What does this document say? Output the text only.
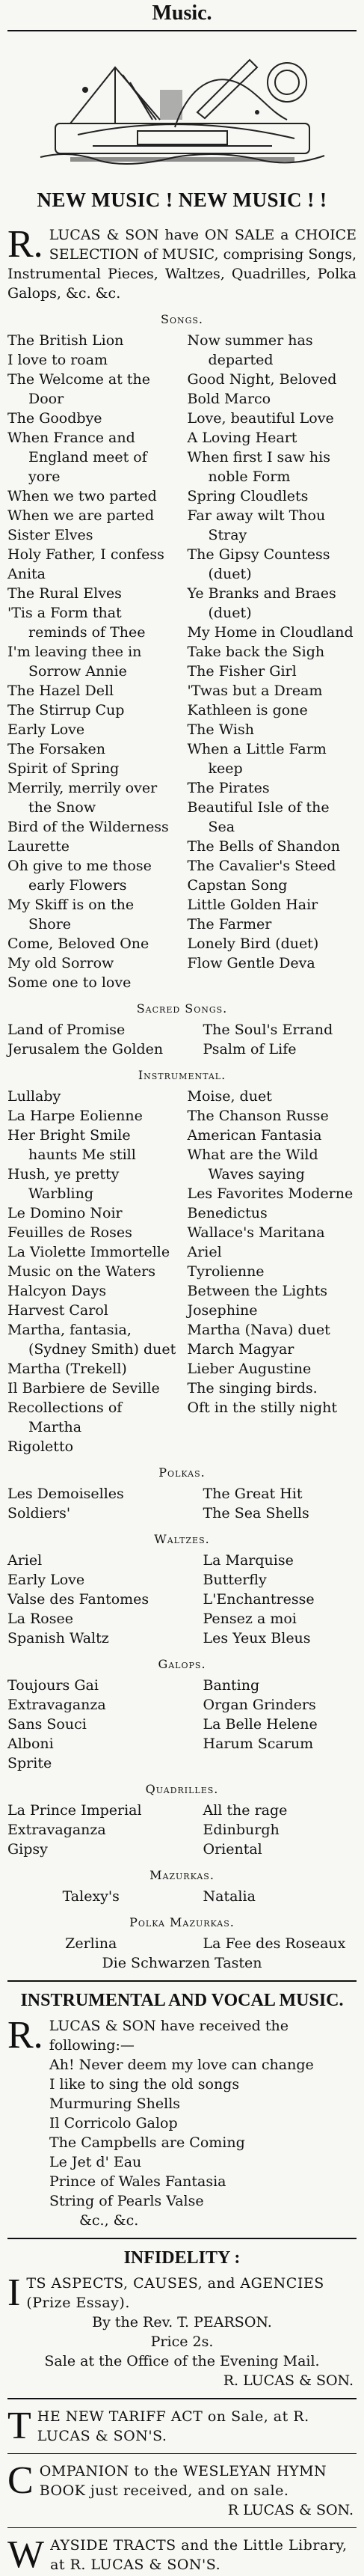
Music.
NEW MUSIC ! NEW MUSIC ! !

R. LUCAS & SON have ON SALE a CHOICE SELECTION of MUSIC, comprising Songs, Instrumental Pieces, Waltzes, Quadrilles, Polka Galops, &c. &c.

Songs.

The British Lion

I love to roam

The Welcome at the Door

The Goodbye

When France and England meet of yore

When we two parted

When we are parted

Sister Elves

Holy Father, I confess

Anita

The Rural Elves

'Tis a Form that reminds of Thee

I'm leaving thee in Sorrow Annie

The Hazel Dell

The Stirrup Cup

Early Love

The Forsaken

Spirit of Spring

Merrily, merrily over the Snow

Bird of the Wilderness

Laurette

Oh give to me those early Flowers

My Skiff is on the Shore

Come, Beloved One

My old Sorrow

Some one to love

Now summer has departed

Good Night, Beloved

Bold Marco

Love, beautiful Love

A Loving Heart

When first I saw his noble Form

Spring Cloudlets

Far away wilt Thou Stray

The Gipsy Countess (duet)

Ye Branks and Braes (duet)

My Home in Cloudland

Take back the Sigh

The Fisher Girl

'Twas but a Dream

Kathleen is gone

The Wish

When a Little Farm keep

The Pirates

Beautiful Isle of the Sea

The Bells of Shandon

The Cavalier's Steed

Capstan Song

Little Golden Hair

The Farmer

Lonely Bird (duet)

Flow Gentle Deva

Sacred Songs.

Land of Promise

Jerusalem the Golden

The Soul's Errand

Psalm of Life

Instrumental.

Lullaby

La Harpe Eolienne

Her Bright Smile haunts Me still

Hush, ye pretty Warbling

Le Domino Noir

Feuilles de Roses

La Violette Immortelle

Music on the Waters

Halcyon Days

Harvest Carol

Martha, fantasia, (Sydney Smith) duet

Martha (Trekell)

Il Barbiere de Seville

Recollections of Martha

Rigoletto

Moise, duet

The Chanson Russe

American Fantasia

What are the Wild Waves saying

Les Favorites Moderne

Benedictus

Wallace's Maritana

Ariel

Tyrolienne

Between the Lights

Josephine

Martha (Nava) duet

March Magyar

Lieber Augustine

The singing birds.

Oft in the stilly night

Polkas.

Les Demoiselles

Soldiers'

The Great Hit

The Sea Shells

Waltzes.

Ariel

Early Love

Valse des Fantomes

La Rosee

Spanish Waltz

La Marquise

Butterfly

L'Enchantresse

Pensez a moi

Les Yeux Bleus

Galops.

Toujours Gai

Extravaganza

Sans Souci

Alboni

Sprite

Banting

Organ Grinders

La Belle Helene

Harum Scarum

Quadrilles.

La Prince Imperial

Extravaganza

Gipsy

All the rage

Edinburgh

Oriental

Mazurkas.

Talexy's	Natalia

Polka Mazurkas.

Zerlina	La Fee des Roseaux

Die Schwarzen Tasten
INSTRUMENTAL AND VOCAL MUSIC.
R. LUCAS & SON have received the following:—
Ah! Never deem my love can change
I like to sing the old songs
Murmuring Shells
Il Corricolo Galop
The Campbells are Coming
Le Jet d' Eau
Prince of Wales Fantasia
String of Pearls Valse
&c., &c.
INFIDELITY :
I TS ASPECTS, CAUSES, and AGENCIES (Prize Essay).
By the Rev. T. PEARSON.
Price 2s.
Sale at the Office of the Evening Mail.
R. LUCAS & SON.
T HE NEW TARIFF ACT on Sale, at R. LUCAS & SON'S.
C OMPANION to the WESLEYAN HYMN BOOK just received, and on sale.
R LUCAS & SON.
W AYSIDE TRACTS and the Little Library, at R. LUCAS & SON'S.
